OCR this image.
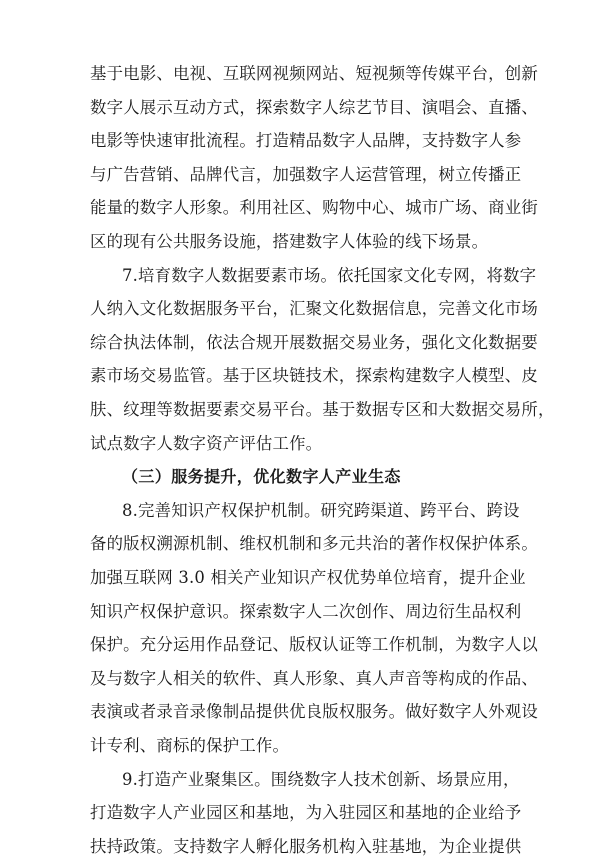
基于电影、电视、互联网视频网站、短视频等传媒平台，创新

数字人展示互动方式，探索数字人综艺节目、演唱会、直播、

电影等快速审批流程。打造精品数字人品牌，支持数字人参

与广告营销、品牌代言，加强数字人运营管理，树立传播正

能量的数字人形象。利用社区、购物中心、城市广场、商业街

区的现有公共服务设施，搭建数字人体验的线下场景。

7.培育数字人数据要素市场。依托国家文化专网，将数字

人纳入文化数据服务平台，汇聚文化数据信息，完善文化市场

综合执法体制，依法合规开展数据交易业务，强化文化数据要

素市场交易监管。基于区块链技术，探索构建数字人模型、皮

肤、纹理等数据要素交易平台。基于数据专区和大数据交易所，

试点数字人数字资产评估工作。

（三）服务提升，优化数字人产业生态

8.完善知识产权保护机制。研究跨渠道、跨平台、跨设

备的版权溯源机制、维权机制和多元共治的著作权保护体系。

加强互联网 3.0 相关产业知识产权优势单位培育，提升企业

知识产权保护意识。探索数字人二次创作、周边衍生品权利

保护。充分运用作品登记、版权认证等工作机制，为数字人以

及与数字人相关的软件、真人形象、真人声音等构成的作品、

表演或者录音录像制品提供优良版权服务。做好数字人外观设

计专利、商标的保护工作。

9.打造产业聚集区。围绕数字人技术创新、场景应用，

打造数字人产业园区和基地，为入驻园区和基地的企业给予

扶持政策。支持数字人孵化服务机构入驻基地，为企业提供
